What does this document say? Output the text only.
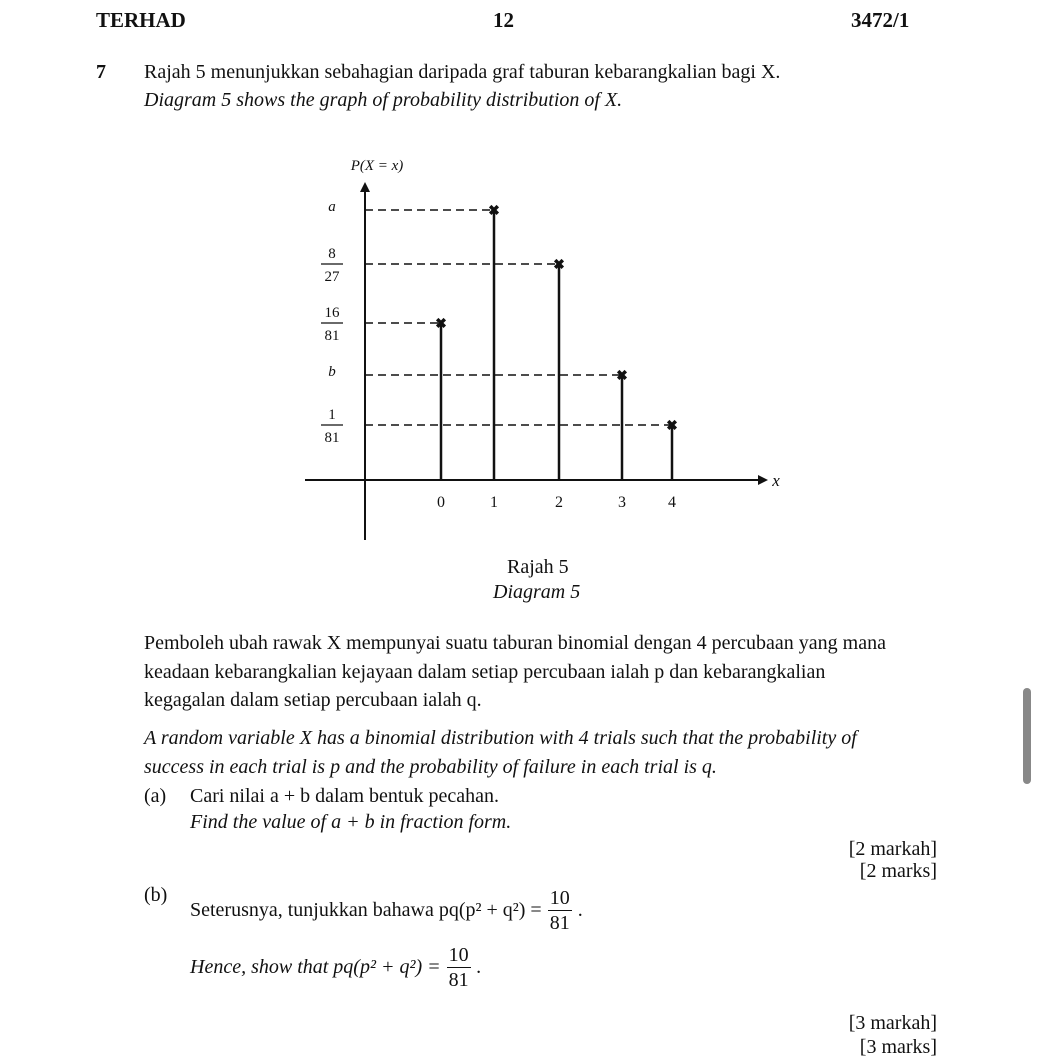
TERHAD	12	3472/1
7 Rajah 5 menunjukkan sebahagian daripada graf taburan kebarangkalian bagi X.
Diagram 5 shows the graph of probability distribution of X.
P(X = x)
x
a
8
27
16
81
b
1
81
✖
0
✖
1
✖
2
✖
3
✖
4
Rajah 5
Diagram 5
Pemboleh ubah rawak X mempunyai suatu taburan binomial dengan 4 percubaan yang mana
keadaan kebarangkalian kejayaan dalam setiap percubaan ialah p dan kebarangkalian
kegagalan dalam setiap percubaan ialah q.
A random variable X has a binomial distribution with 4 trials such that the probability of
success in each trial is p and the probability of failure in each trial is q.
(a) Cari nilai a + b dalam bentuk pecahan.
Find the value of a + b in fraction form.
[2 markah]
[2 marks]
(b)
Seterusnya, tunjukkan bahawa $pq(p^2 + q^2) = \frac{10}{81}$ .
Hence, show that $pq(p^2 + q^2) = \frac{10}{81}$ .
[3 markah]
[3 marks]
